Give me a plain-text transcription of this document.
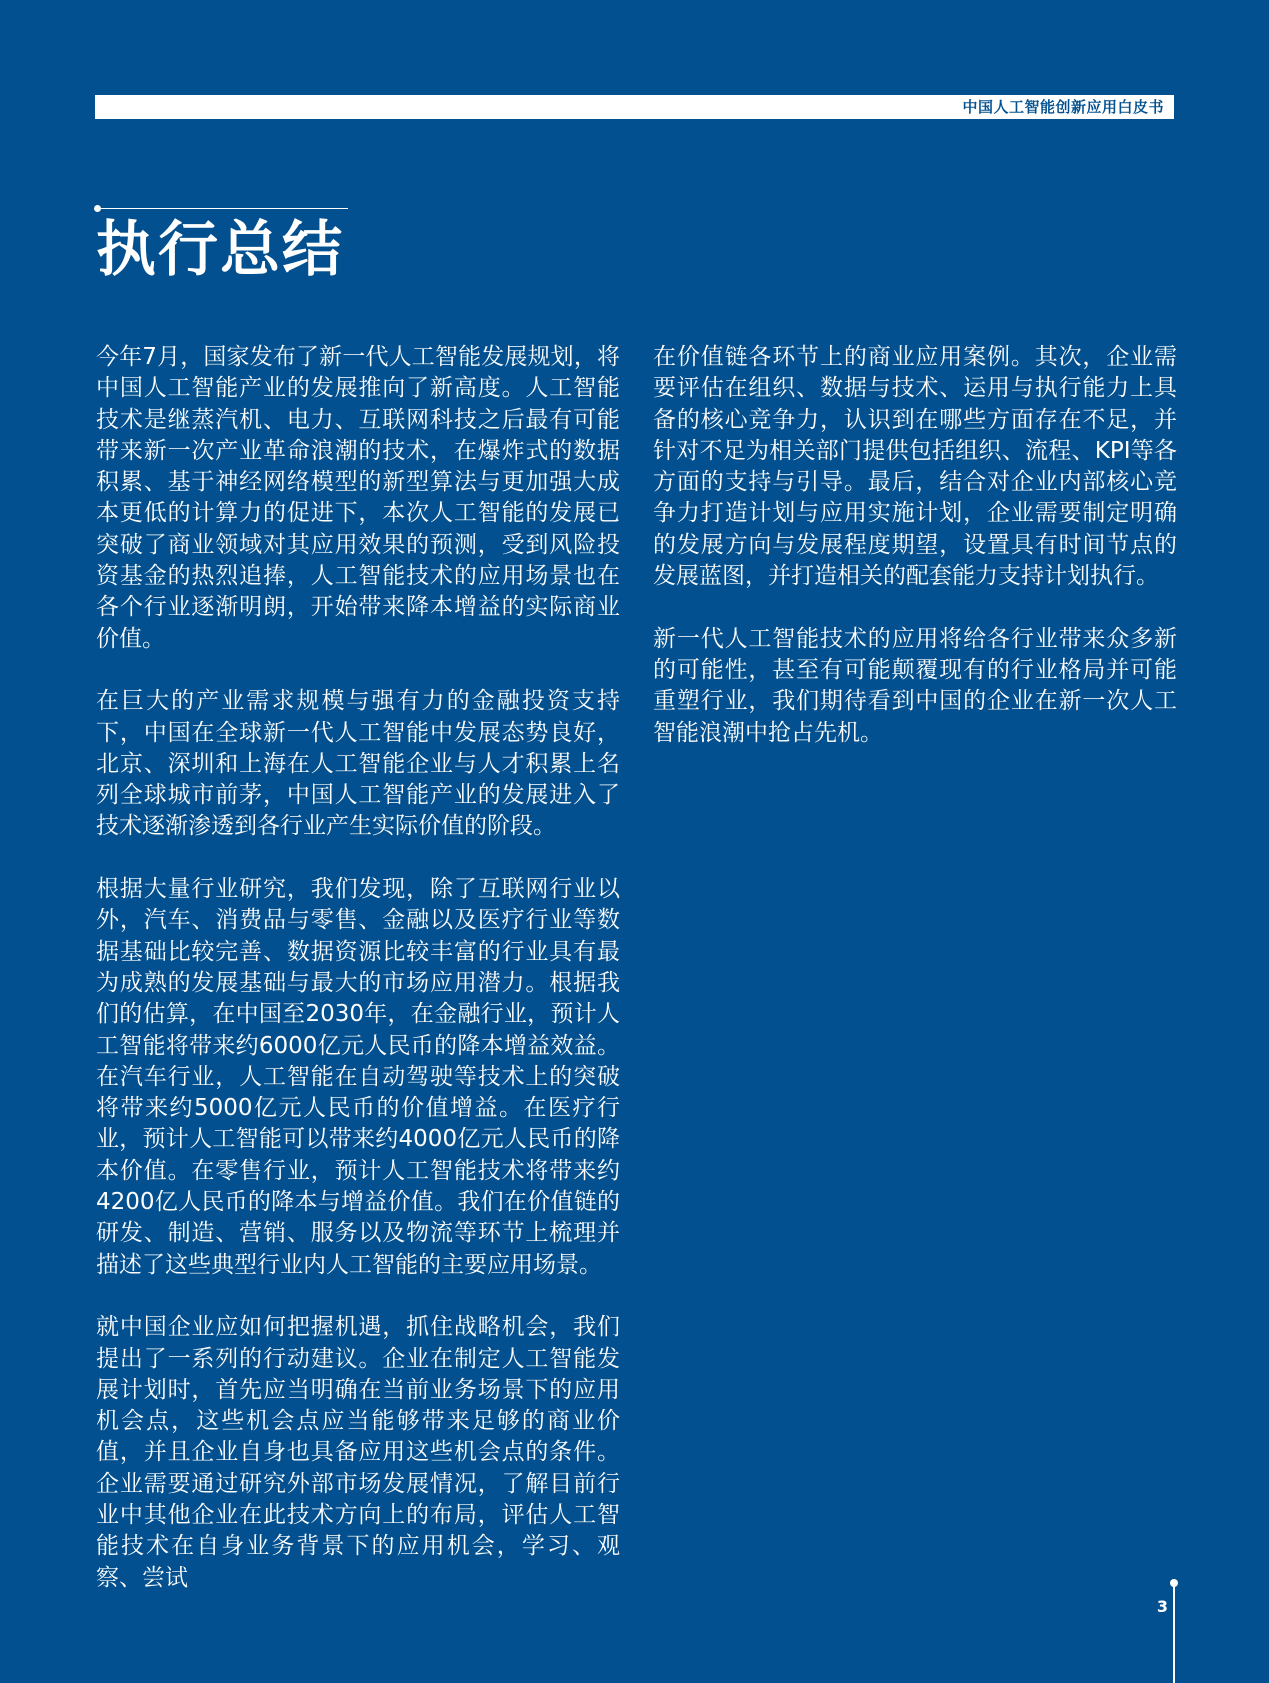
中国人工智能创新应用白皮书
执行总结

今年7月，国家发布了新一代人工智能发展规划，将中国人工智能产业的发展推向了新高度。人工智能技术是继蒸汽机、电力、互联网科技之后最有可能带来新一次产业革命浪潮的技术，在爆炸式的数据积累、基于神经网络模型的新型算法与更加强大成本更低的计算力的促进下，本次人工智能的发展已突破了商业领域对其应用效果的预测，受到风险投资基金的热烈追捧，人工智能技术的应用场景也在各个行业逐渐明朗，开始带来降本增益的实际商业价值。

在巨大的产业需求规模与强有力的金融投资支持下，中国在全球新一代人工智能中发展态势良好，北京、深圳和上海在人工智能企业与人才积累上名列全球城市前茅，中国人工智能产业的发展进入了技术逐渐渗透到各行业产生实际价值的阶段。

根据大量行业研究，我们发现，除了互联网行业以外，汽车、消费品与零售、金融以及医疗行业等数据基础比较完善、数据资源比较丰富的行业具有最为成熟的发展基础与最大的市场应用潜力。根据我们的估算，在中国至2030年，在金融行业，预计人工智能将带来约6000亿元人民币的降本增益效益。在汽车行业，人工智能在自动驾驶等技术上的突破将带来约5000亿元人民币的价值增益。在医疗行业，预计人工智能可以带来约4000亿元人民币的降本价值。在零售行业，预计人工智能技术将带来约4200亿人民币的降本与增益价值。我们在价值链的研发、制造、营销、服务以及物流等环节上梳理并描述了这些典型行业内人工智能的主要应用场景。

就中国企业应如何把握机遇，抓住战略机会，我们提出了一系列的行动建议。企业在制定人工智能发展计划时，首先应当明确在当前业务场景下的应用机会点，这些机会点应当能够带来足够的商业价值，并且企业自身也具备应用这些机会点的条件。企业需要通过研究外部市场发展情况，了解目前行业中其他企业在此技术方向上的布局，评估人工智能技术在自身业务背景下的应用机会，学习、观察、尝试

在价值链各环节上的商业应用案例。其次，企业需要评估在组织、数据与技术、运用与执行能力上具备的核心竞争力，认识到在哪些方面存在不足，并针对不足为相关部门提供包括组织、流程、KPI等各方面的支持与引导。最后，结合对企业内部核心竞争力打造计划与应用实施计划，企业需要制定明确的发展方向与发展程度期望，设置具有时间节点的发展蓝图，并打造相关的配套能力支持计划执行。

新一代人工智能技术的应用将给各行业带来众多新的可能性，甚至有可能颠覆现有的行业格局并可能重塑行业，我们期待看到中国的企业在新一次人工智能浪潮中抢占先机。

3
